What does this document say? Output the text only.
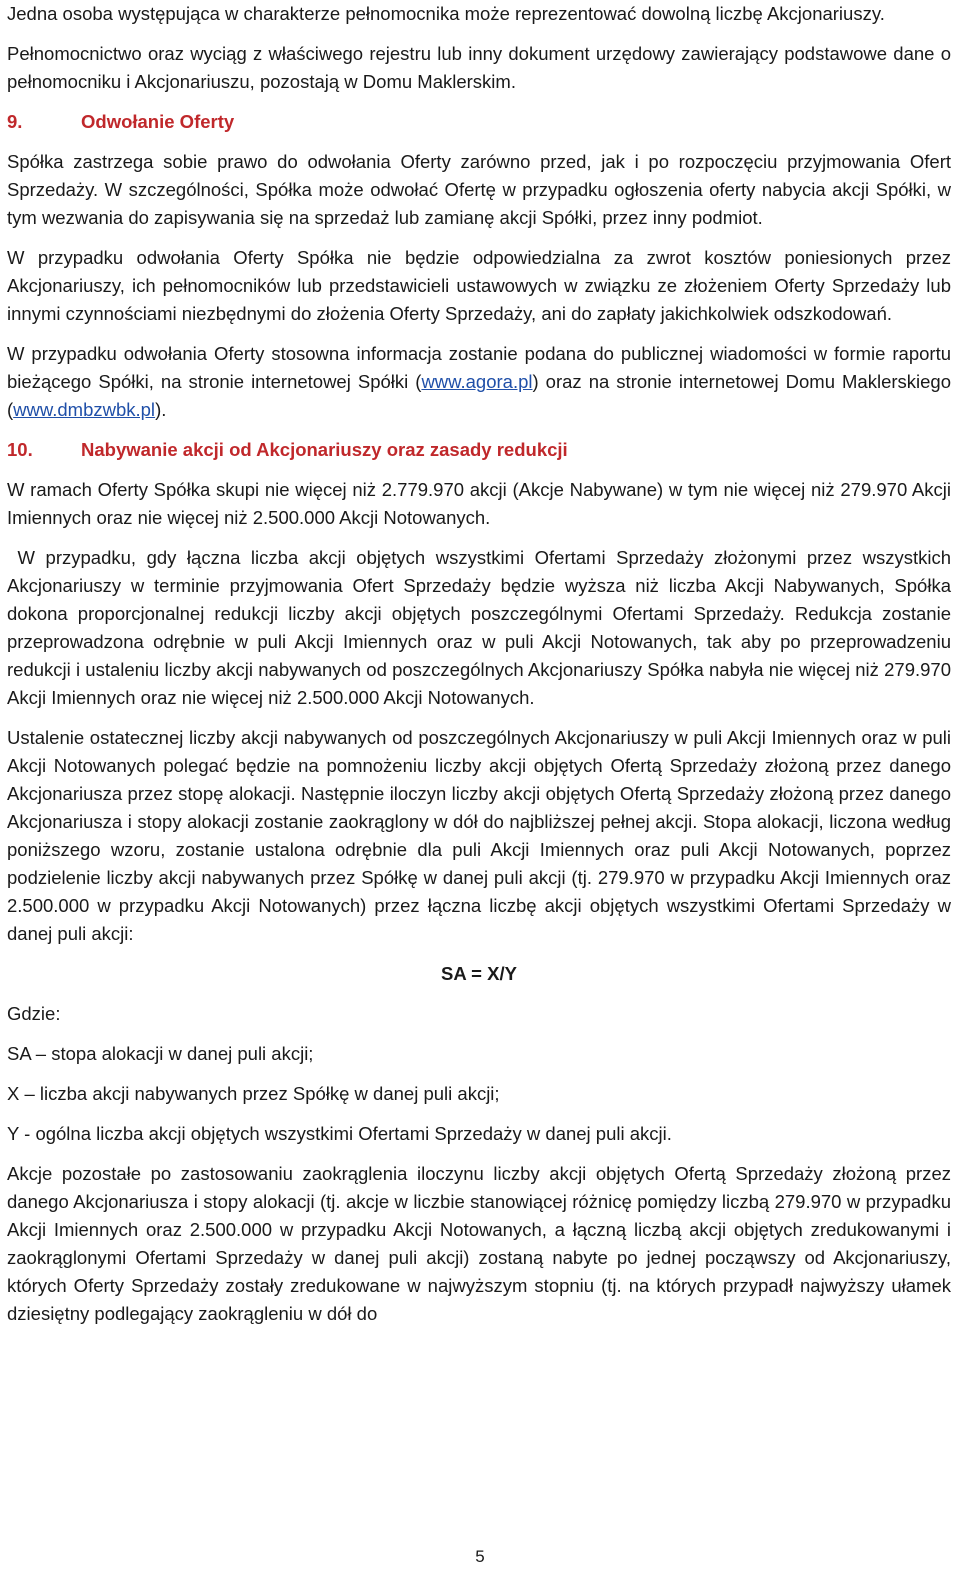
Jedna osoba występująca w charakterze pełnomocnika może reprezentować dowolną liczbę Akcjonariuszy.

Pełnomocnictwo oraz wyciąg z właściwego rejestru lub inny dokument urzędowy zawierający podstawowe dane o pełnomocniku i Akcjonariuszu, pozostają w Domu Maklerskim.

9.	Odwołanie Oferty

Spółka zastrzega sobie prawo do odwołania Oferty zarówno przed, jak i po rozpoczęciu przyjmowania Ofert Sprzedaży. W szczególności, Spółka może odwołać Ofertę w przypadku ogłoszenia oferty nabycia akcji Spółki, w tym wezwania do zapisywania się na sprzedaż lub zamianę akcji Spółki, przez inny podmiot.

W przypadku odwołania Oferty Spółka nie będzie odpowiedzialna za zwrot kosztów poniesionych przez Akcjonariuszy, ich pełnomocników lub przedstawicieli ustawowych w związku ze złożeniem Oferty Sprzedaży lub innymi czynnościami niezbędnymi do złożenia Oferty Sprzedaży, ani do zapłaty jakichkolwiek odszkodowań.

W przypadku odwołania Oferty stosowna informacja zostanie podana do publicznej wiadomości w formie raportu bieżącego Spółki, na stronie internetowej Spółki (www.agora.pl) oraz na stronie internetowej Domu Maklerskiego (www.dmbzwbk.pl).

10.	Nabywanie akcji od Akcjonariuszy oraz zasady redukcji

W ramach Oferty Spółka skupi nie więcej niż 2.779.970 akcji (Akcje Nabywane) w tym nie więcej niż 279.970 Akcji Imiennych oraz nie więcej niż 2.500.000 Akcji Notowanych.

W przypadku, gdy łączna liczba akcji objętych wszystkimi Ofertami Sprzedaży złożonymi przez wszystkich Akcjonariuszy w terminie przyjmowania Ofert Sprzedaży będzie wyższa niż liczba Akcji Nabywanych, Spółka dokona proporcjonalnej redukcji liczby akcji objętych poszczególnymi Ofertami Sprzedaży. Redukcja zostanie przeprowadzona odrębnie w puli Akcji Imiennych oraz w puli Akcji Notowanych, tak aby po przeprowadzeniu redukcji i ustaleniu liczby akcji nabywanych od poszczególnych Akcjonariuszy Spółka nabyła nie więcej niż 279.970 Akcji Imiennych oraz nie więcej niż 2.500.000 Akcji Notowanych.

Ustalenie ostatecznej liczby akcji nabywanych od poszczególnych Akcjonariuszy w puli Akcji Imiennych oraz w puli Akcji Notowanych polegać będzie na pomnożeniu liczby akcji objętych Ofertą Sprzedaży złożoną przez danego Akcjonariusza przez stopę alokacji. Następnie iloczyn liczby akcji objętych Ofertą Sprzedaży złożoną przez danego Akcjonariusza i stopy alokacji zostanie zaokrąglony w dół do najbliższej pełnej akcji. Stopa alokacji, liczona według poniższego wzoru, zostanie ustalona odrębnie dla puli Akcji Imiennych oraz puli Akcji Notowanych, poprzez podzielenie liczby akcji nabywanych przez Spółkę w danej puli akcji (tj. 279.970 w przypadku Akcji Imiennych oraz 2.500.000 w przypadku Akcji Notowanych) przez łączna liczbę akcji objętych wszystkimi Ofertami Sprzedaży w danej puli akcji:

SA = X/Y

Gdzie:

SA – stopa alokacji w danej puli akcji;

X – liczba akcji nabywanych przez Spółkę w danej puli akcji;

Y - ogólna liczba akcji objętych wszystkimi Ofertami Sprzedaży w danej puli akcji.

Akcje pozostałe po zastosowaniu zaokrąglenia iloczynu liczby akcji objętych Ofertą Sprzedaży złożoną przez danego Akcjonariusza i stopy alokacji (tj. akcje w liczbie stanowiącej różnicę pomiędzy liczbą 279.970 w przypadku Akcji Imiennych oraz 2.500.000 w przypadku Akcji Notowanych, a łączną liczbą akcji objętych zredukowanymi i zaokrąglonymi Ofertami Sprzedaży w danej puli akcji) zostaną nabyte po jednej począwszy od Akcjonariuszy, których Oferty Sprzedaży zostały zredukowane w najwyższym stopniu (tj. na których przypadł najwyższy ułamek dziesiętny podlegający zaokrągleniu w dół do

5
